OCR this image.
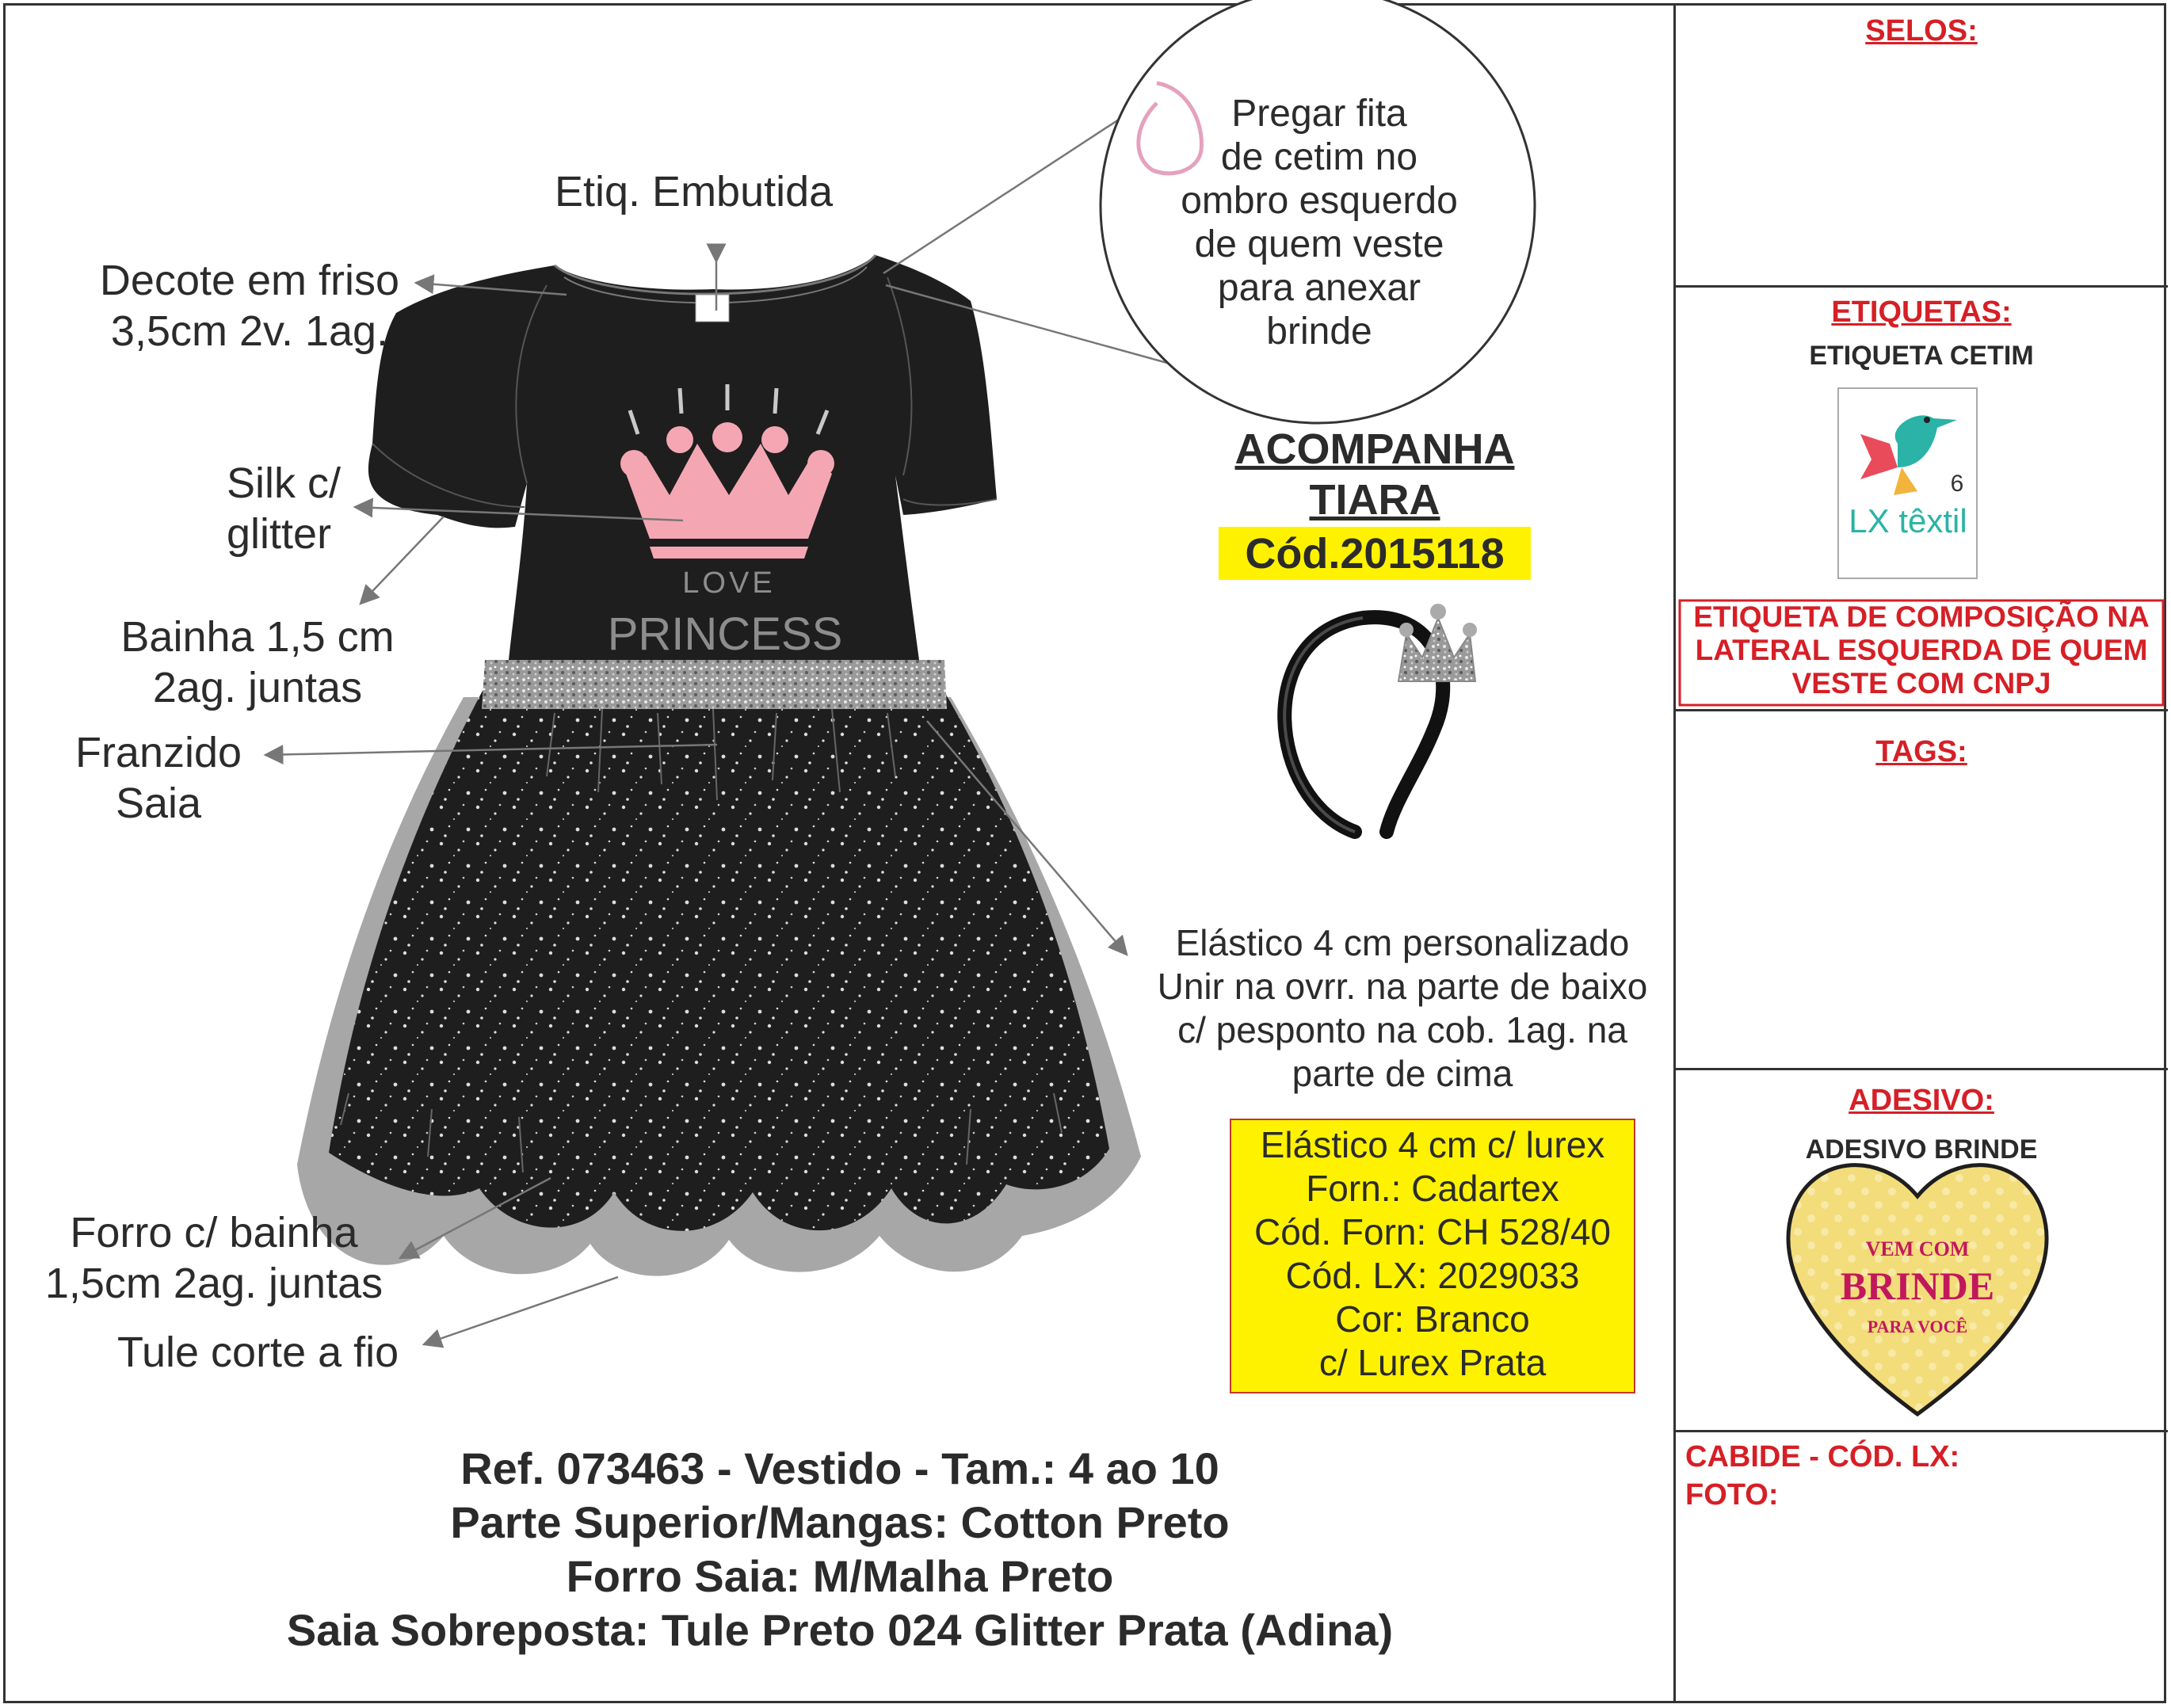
LOVE
PRINCESS
6
LX têxtil
VEM COM
BRINDE
PARA VOCÊ
Etiq. Embutida
Decote em friso
3,5cm 2v. 1ag.
Silk c/
glitter
Bainha 1,5 cm
2ag. juntas
Franzido
Saia
Forro c/ bainha
1,5cm 2ag. juntas
Tule corte a fio
Pregar fita
de cetim no
ombro esquerdo
de quem veste
para anexar
brinde
ACOMPANHA
TIARA
Cód.2015118
Elástico 4 cm personalizado
Unir na ovrr. na parte de baixo
c/ pesponto na cob. 1ag. na
parte de cima
Elástico 4 cm c/ lurex
Forn.: Cadartex
Cód. Forn: CH 528/40
Cód. LX: 2029033
Cor: Branco
c/ Lurex Prata
Ref. 073463 - Vestido - Tam.: 4 ao 10
Parte Superior/Mangas: Cotton Preto
Forro Saia: M/Malha Preto
Saia Sobreposta: Tule Preto 024 Glitter Prata (Adina)
SELOS:
ETIQUETAS:
ETIQUETA CETIM
ETIQUETA DE COMPOSIÇÃO NA
LATERAL ESQUERDA DE QUEM
VESTE COM CNPJ
TAGS:
ADESIVO:
ADESIVO BRINDE
CABIDE - CÓD. LX:
FOTO:
